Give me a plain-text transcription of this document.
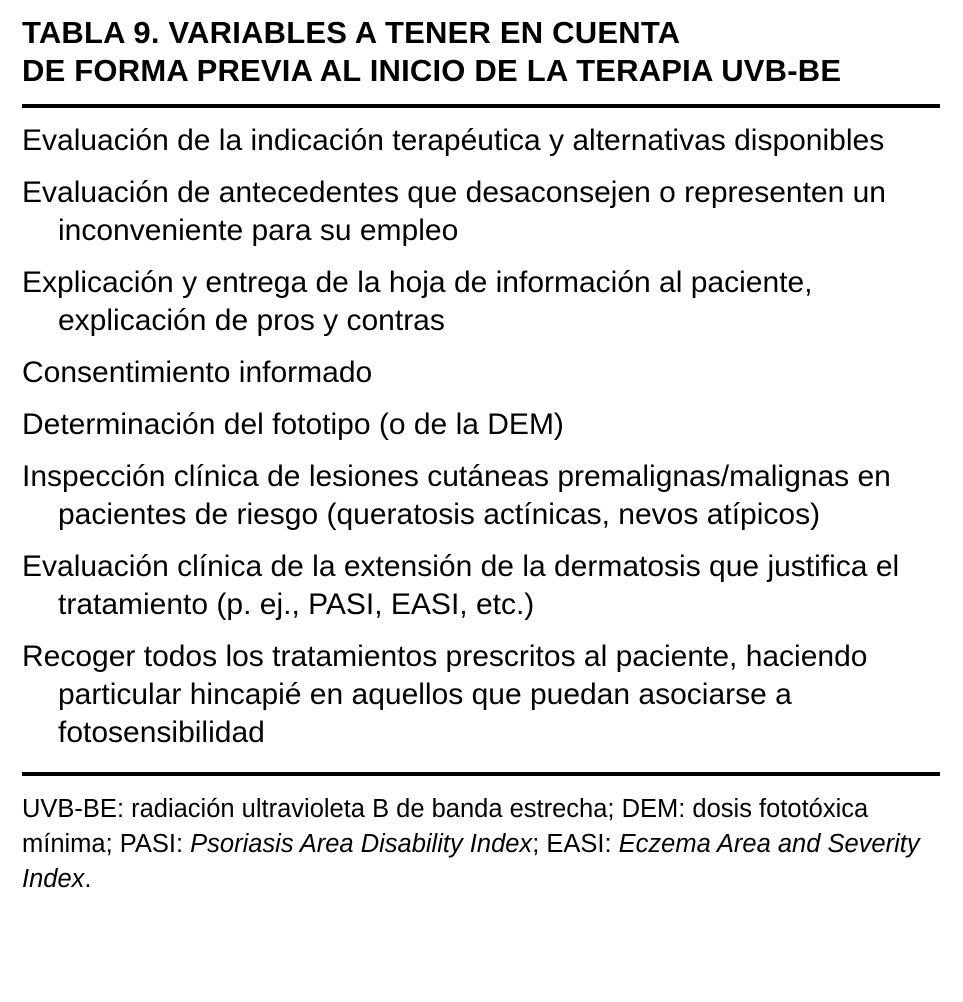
TABLA 9. VARIABLES A TENER EN CUENTA
DE FORMA PREVIA AL INICIO DE LA TERAPIA UVB-BE
Evaluación de la indicación terapéutica y alternativas disponibles
Evaluación de antecedentes que desaconsejen o representen un inconveniente para su empleo
Explicación y entrega de la hoja de información al paciente, explicación de pros y contras
Consentimiento informado
Determinación del fototipo (o de la DEM)
Inspección clínica de lesiones cutáneas premalignas/malignas en pacientes de riesgo (queratosis actínicas, nevos atípicos)
Evaluación clínica de la extensión de la dermatosis que justifica el tratamiento (p. ej., PASI, EASI, etc.)
Recoger todos los tratamientos prescritos al paciente, haciendo particular hincapié en aquellos que puedan asociarse a fotosensibilidad

UVB-BE: radiación ultravioleta B de banda estrecha; DEM: dosis fototóxica mínima; PASI: Psoriasis Area Disability Index; EASI: Eczema Area and Severity Index.
